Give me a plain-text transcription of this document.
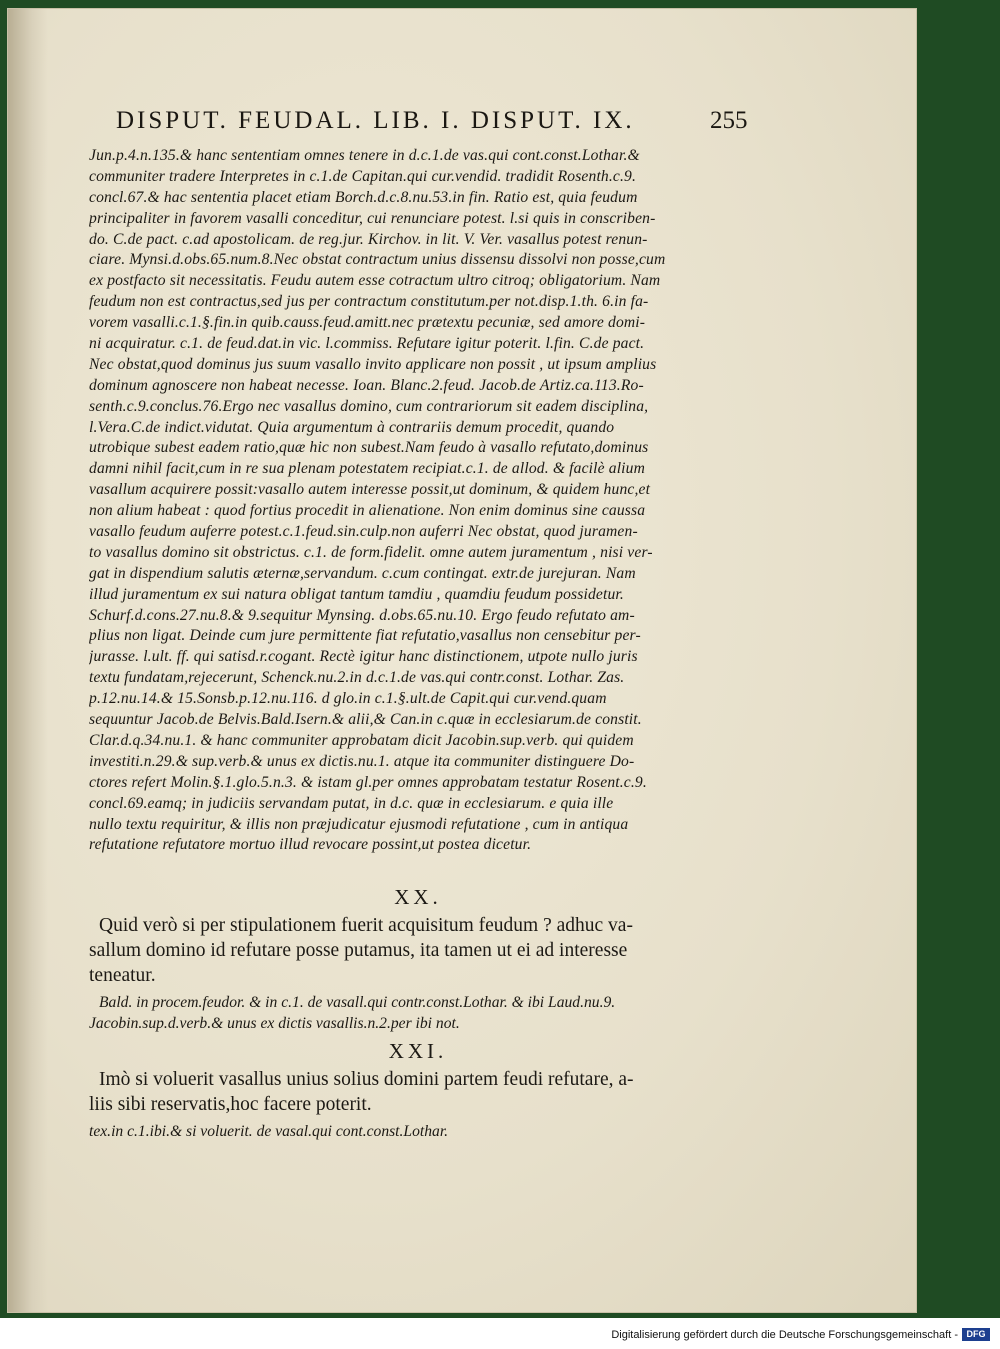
DISPUT. FEUDAL. LIB. I. DISPUT. IX.	255
Jun.p.4.n.135.& hanc sententiam omnes tenere in d.c.1.de vas.qui cont.const.Lothar.&
communiter tradere Interpretes in c.1.de Capitan.qui cur.vendid. tradidit Rosenth.c.9.
concl.67.& hac sententia placet etiam Borch.d.c.8.nu.53.in fin. Ratio est, quia feudum
principaliter in favorem vasalli conceditur, cui renunciare potest. l.si quis in conscriben-
do. C.de pact. c.ad apostolicam. de reg.jur. Kirchov. in lit. V. Ver. vasallus potest renun-
ciare. Mynsi.d.obs.65.num.8.Nec obstat contractum unius dissensu dissolvi non posse,cum
ex postfacto sit necessitatis. Feudu autem esse cotractum ultro citroq; obligatorium. Nam
feudum non est contractus,sed jus per contractum constitutum.per not.disp.1.th. 6.in fa-
vorem vasalli.c.1.§.fin.in quib.causs.feud.amitt.nec prætextu pecuniæ, sed amore domi-
ni acquiratur. c.1. de feud.dat.in vic. l.commiss. Refutare igitur poterit. l.fin. C.de pact.
Nec obstat,quod dominus jus suum vasallo invito applicare non possit , ut ipsum amplius
dominum agnoscere non habeat necesse. Ioan. Blanc.2.feud. Jacob.de Artiz.ca.113.Ro-
senth.c.9.conclus.76.Ergo nec vasallus domino, cum contrariorum sit eadem disciplina,
l.Vera.C.de indict.vidutat. Quia argumentum à contrariis demum procedit, quando
utrobique subest eadem ratio,quæ hic non subest.Nam feudo à vasallo refutato,dominus
damni nihil facit,cum in re sua plenam potestatem recipiat.c.1. de allod. & facilè alium
vasallum acquirere possit:vasallo autem interesse possit,ut dominum, & quidem hunc,et
non alium habeat : quod fortius procedit in alienatione. Non enim dominus sine caussa
vasallo feudum auferre potest.c.1.feud.sin.culp.non auferri Nec obstat, quod juramen-
to vasallus domino sit obstrictus. c.1. de form.fidelit. omne autem juramentum , nisi ver-
gat in dispendium salutis æternæ,servandum. c.cum contingat. extr.de jurejuran. Nam
illud juramentum ex sui natura obligat tantum tamdiu , quamdiu feudum possidetur.
Schurf.d.cons.27.nu.8.& 9.sequitur Mynsing. d.obs.65.nu.10. Ergo feudo refutato am-
plius non ligat. Deinde cum jure permittente fiat refutatio,vasallus non censebitur per-
jurasse. l.ult. ff. qui satisd.r.cogant. Rectè igitur hanc distinctionem, utpote nullo juris
textu fundatam,rejecerunt, Schenck.nu.2.in d.c.1.de vas.qui contr.const. Lothar. Zas.
p.12.nu.14.& 15.Sonsb.p.12.nu.116. d glo.in c.1.§.ult.de Capit.qui cur.vend.quam
sequuntur Jacob.de Belvis.Bald.Isern.& alii,& Can.in c.quæ in ecclesiarum.de constit.
Clar.d.q.34.nu.1. & hanc communiter approbatam dicit Jacobin.sup.verb. qui quidem
investiti.n.29.& sup.verb.& unus ex dictis.nu.1. atque ita communiter distinguere Do-
ctores refert Molin.§.1.glo.5.n.3. & istam gl.per omnes approbatam testatur Rosent.c.9.
concl.69.eamq; in judiciis servandam putat, in d.c. quæ in ecclesiarum. e quia ille
nullo textu requiritur, & illis non præjudicatur ejusmodi refutatione , cum in antiqua
refutatione refutatore mortuo illud revocare possint,ut postea dicetur.
XX.
Quid verò si per stipulationem fuerit acquisitum feudum ? adhuc va-
sallum domino id refutare posse putamus, ita tamen ut ei ad interesse
teneatur.
Bald. in procem.feudor. & in c.1. de vasall.qui contr.const.Lothar. & ibi Laud.nu.9.
Jacobin.sup.d.verb.& unus ex dictis vasallis.n.2.per ibi not.
XXI.
Imò si voluerit vasallus unius solius domini partem feudi refutare, a-
liis sibi reservatis,hoc facere poterit.
tex.in c.1.ibi.& si voluerit. de vasal.qui cont.const.Lothar.
Digitalisierung gefördert durch die Deutsche Forschungsgemeinschaft - DFG
